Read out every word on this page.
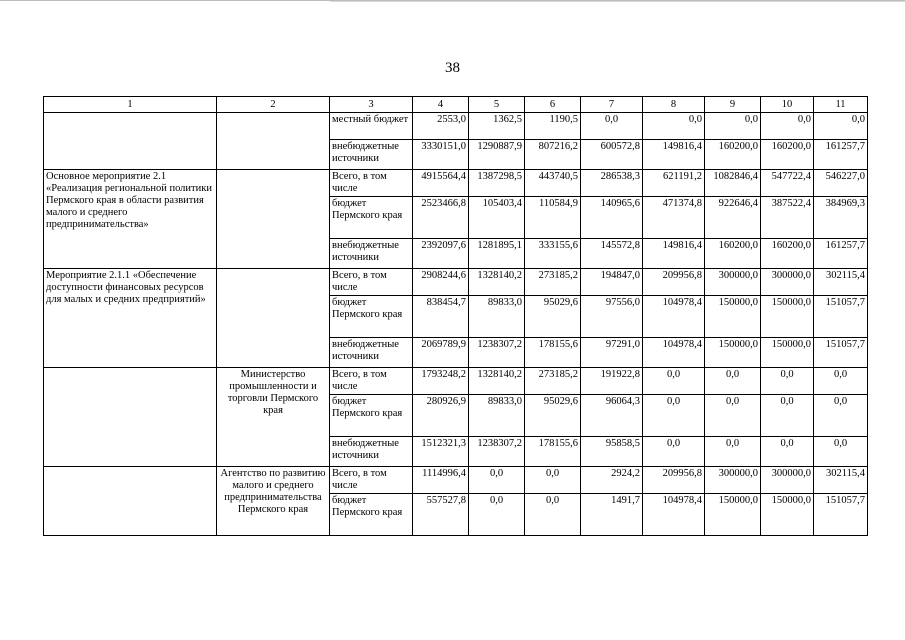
38
1	2	3	4	5	6	7	8	9	10	11
		местный бюджет	2553,0	1362,5	1190,5	0,0	0,0	0,0	0,0	0,0
		внебюджетные источники	3330151,0	1290887,9	807216,2	600572,8	149816,4	160200,0	160200,0	161257,7
Основное мероприятие 2.1 «Реализация региональной политики Пермского края в области развития малого и среднего предпринимательства»		Всего, в том числе	4915564,4	1387298,5	443740,5	286538,3	621191,2	1082846,4	547722,4	546227,0
		бюджет Пермского края	2523466,8	105403,4	110584,9	140965,6	471374,8	922646,4	387522,4	384969,3
		внебюджетные источники	2392097,6	1281895,1	333155,6	145572,8	149816,4	160200,0	160200,0	161257,7
Мероприятие 2.1.1 «Обеспечение доступности финансовых ресурсов для малых и средних предприятий»		Всего, в том числе	2908244,6	1328140,2	273185,2	194847,0	209956,8	300000,0	300000,0	302115,4
		бюджет Пермского края	838454,7	89833,0	95029,6	97556,0	104978,4	150000,0	150000,0	151057,7
		внебюджетные источники	2069789,9	1238307,2	178155,6	97291,0	104978,4	150000,0	150000,0	151057,7
	Министерство промышленности и торговли Пермского края	Всего, в том числе	1793248,2	1328140,2	273185,2	191922,8	0,0	0,0	0,0	0,0
		бюджет Пермского края	280926,9	89833,0	95029,6	96064,3	0,0	0,0	0,0	0,0
		внебюджетные источники	1512321,3	1238307,2	178155,6	95858,5	0,0	0,0	0,0	0,0
	Агентство по развитию малого и среднего предпринимательства Пермского края	Всего, в том числе	1114996,4	0,0	0,0	2924,2	209956,8	300000,0	300000,0	302115,4
		бюджет Пермского края	557527,8	0,0	0,0	1491,7	104978,4	150000,0	150000,0	151057,7
